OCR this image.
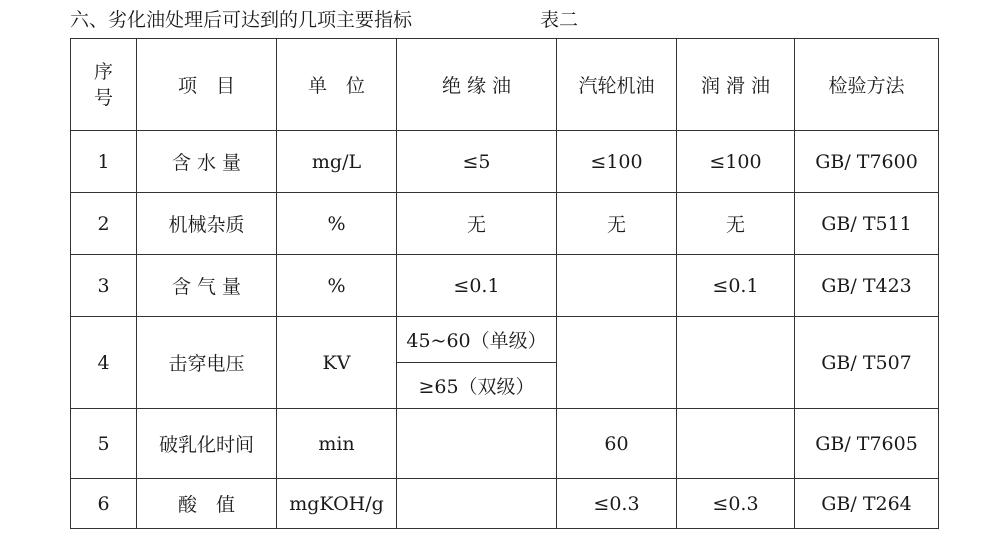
六、劣化油处理后可达到的几项主要指标	表二
序
号	项　目	单　位	绝 缘 油	汽轮机油	润 滑 油	检验方法
1	含 水 量	mg/L	≤5	≤100	≤100	GB/ T7600
2	机械杂质	%	无	无	无	GB/ T511
3	含 气 量	%	≤0.1		≤0.1	GB/ T423
4	击穿电压	KV	45~60（单级）			GB/ T507
			≥65（双级）			
5	破乳化时间	min		60		GB/ T7605
6	酸　值	mgKOH/g		≤0.3	≤0.3	GB/ T264
